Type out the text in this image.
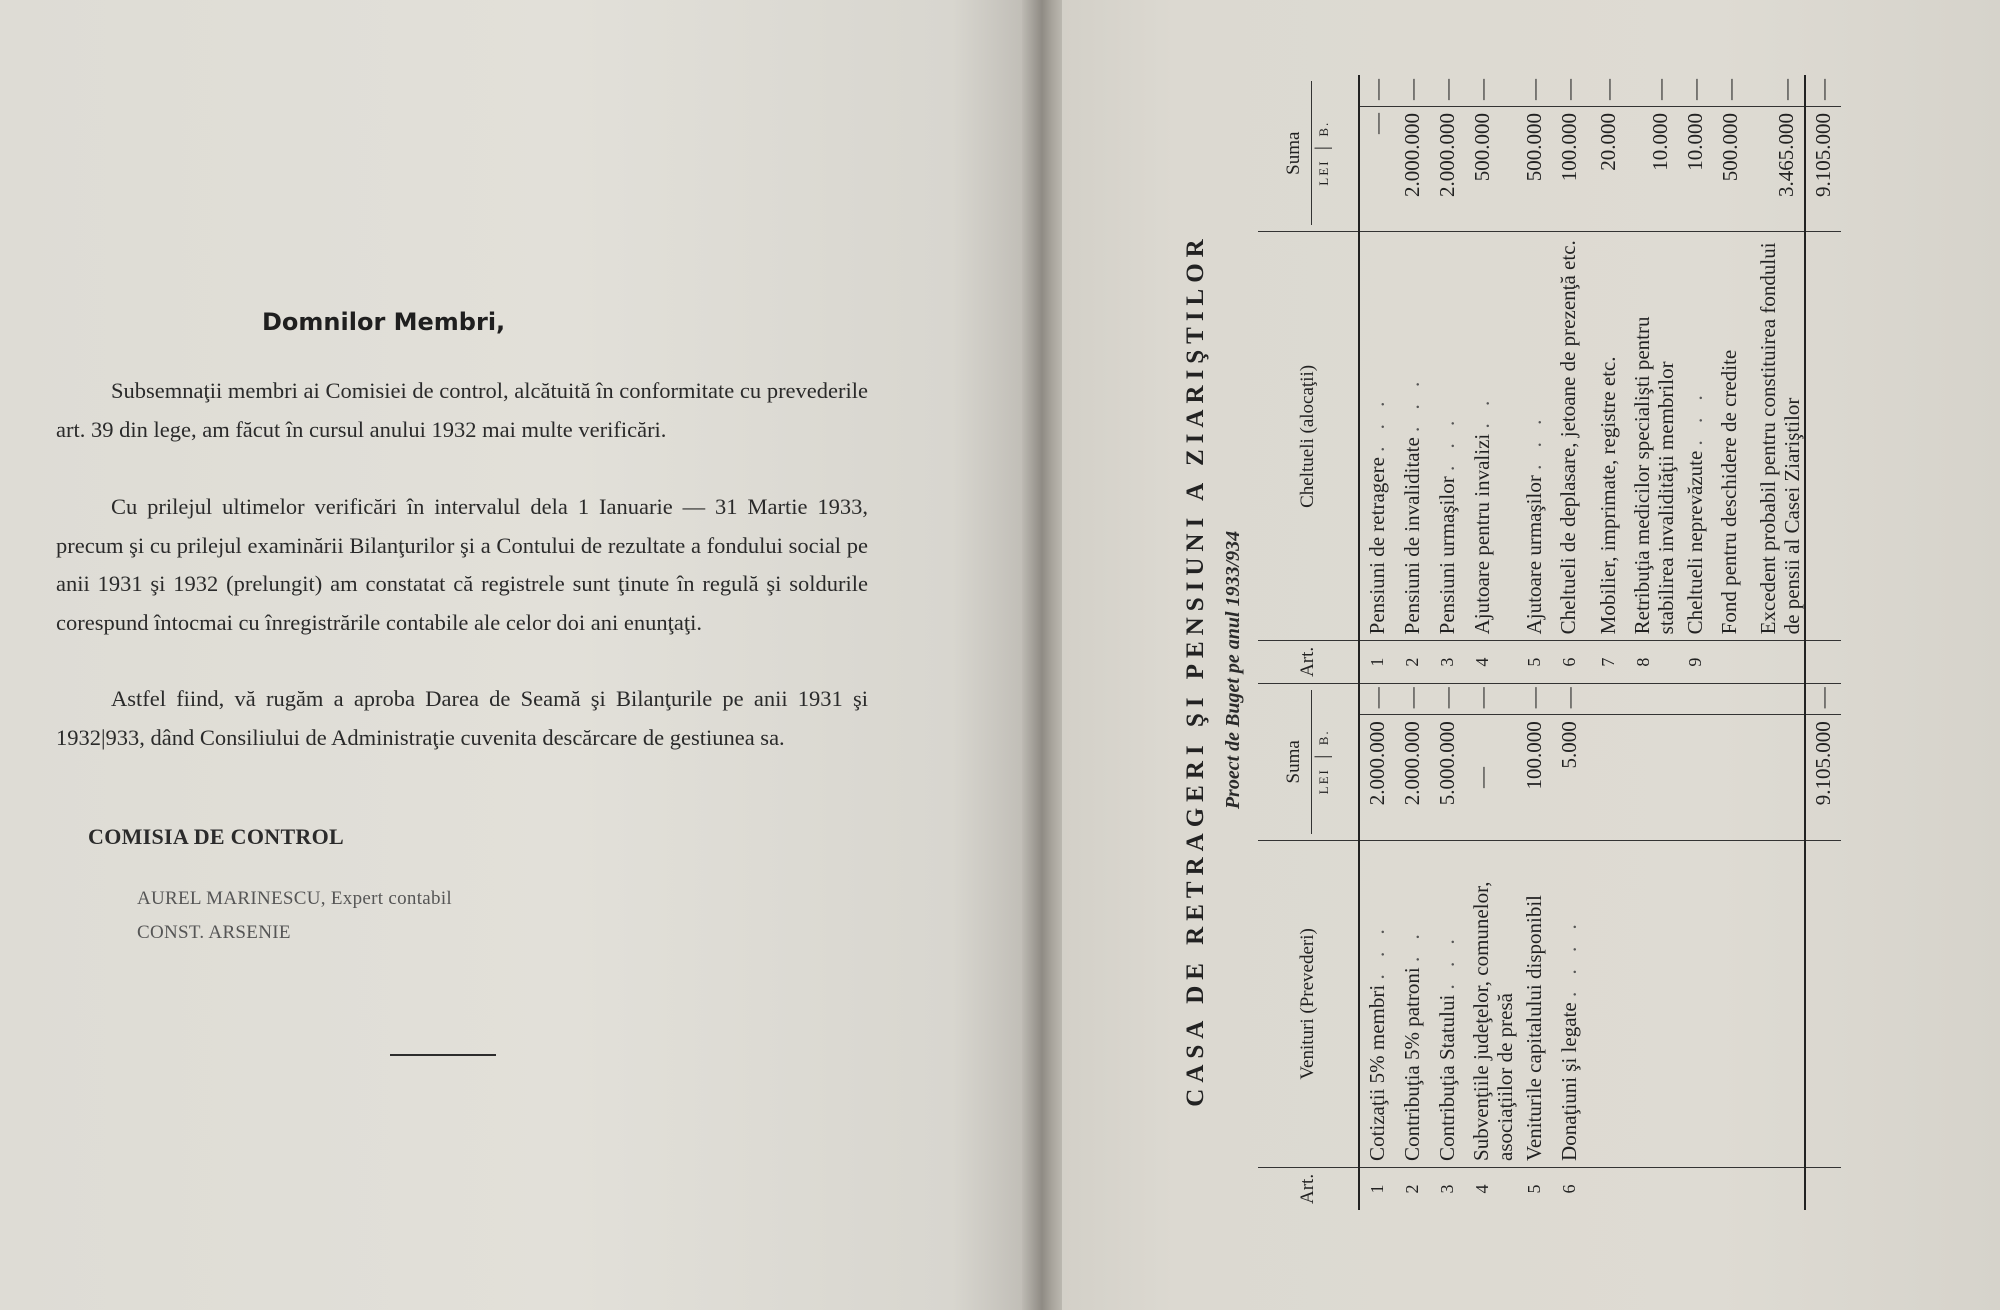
Domnilor Membri,

Subsemnaţii membri ai Comisiei de control, alcătuită în conformitate cu prevederile art. 39 din lege, am făcut în cursul anului 1932 mai multe verificări.

Cu prilejul ultimelor verificări în intervalul dela 1 Ianuarie — 31 Martie 1933, precum şi cu prilejul examinării Bilanţurilor şi a Contului de rezultate a fondului social pe anii 1931 şi 1932 (prelungit) am constatat că registrele sunt ţinute în regulă şi soldurile corespund întocmai cu înregistrările contabile ale celor doi ani enunţaţi.

Astfel fiind, vă rugăm a aproba Darea de Seamă şi Bilanţurile pe anii 1931 şi 1932|933, dând Consiliului de Administraţie cuvenita descărcare de gestiunea sa.

COMISIA DE CONTROL
AUREL MARINESCU, Expert contabil
CONST. ARSENIE	CASA DE RETRAGERI ŞI PENSIUNI A ZIARIŞTILOR Proect de Buget pe anul 1933/934
Art.	Venituri (Prevederi)	Suma LEI  |  B.		Art.	Cheltueli (alocaţii)	Suma LEI  |  B.	
1	Cotizaţii 5% membri . . .	2.000.000	—	1	Pensiuni de retragere . . .	—	—
2	Contribuţia 5% patroni . .	2.000.000	—	2	Pensiuni de invaliditate . . .	2.000.000	—
3	Contribuţia Statului . . .	5.000.000	—	3	Pensiuni urmaşilor . . .	2.000.000	—
4	Subvenţiile judeţelor, comunelor, asociaţiilor de presă	—	—	4	Ajutoare pentru invalizi . .	500.000	—
5	Veniturile capitalului disponibil	100.000	—	5	Ajutoare urmaşilor . . .	500.000	—
6	Donaţiuni şi legate . . . .	5.000	—	6	Cheltueli de deplasare, jetoane de prezenţă etc.	100.000	—
				7	Mobilier, imprimate, registre etc.	20.000	—
				8	Retribuţia medicilor specialişti pentru stabilirea invalidităţii membrilor	10.000	—
				9	Cheltueli neprevăzute . . .	10.000	—
					Fond pentru deschidere de credite	500.000	—
					Excedent probabil pentru constituirea fondului de pensii al Casei Ziariştilor	3.465.000	—
		9.105.000	—			9.105.000	—
